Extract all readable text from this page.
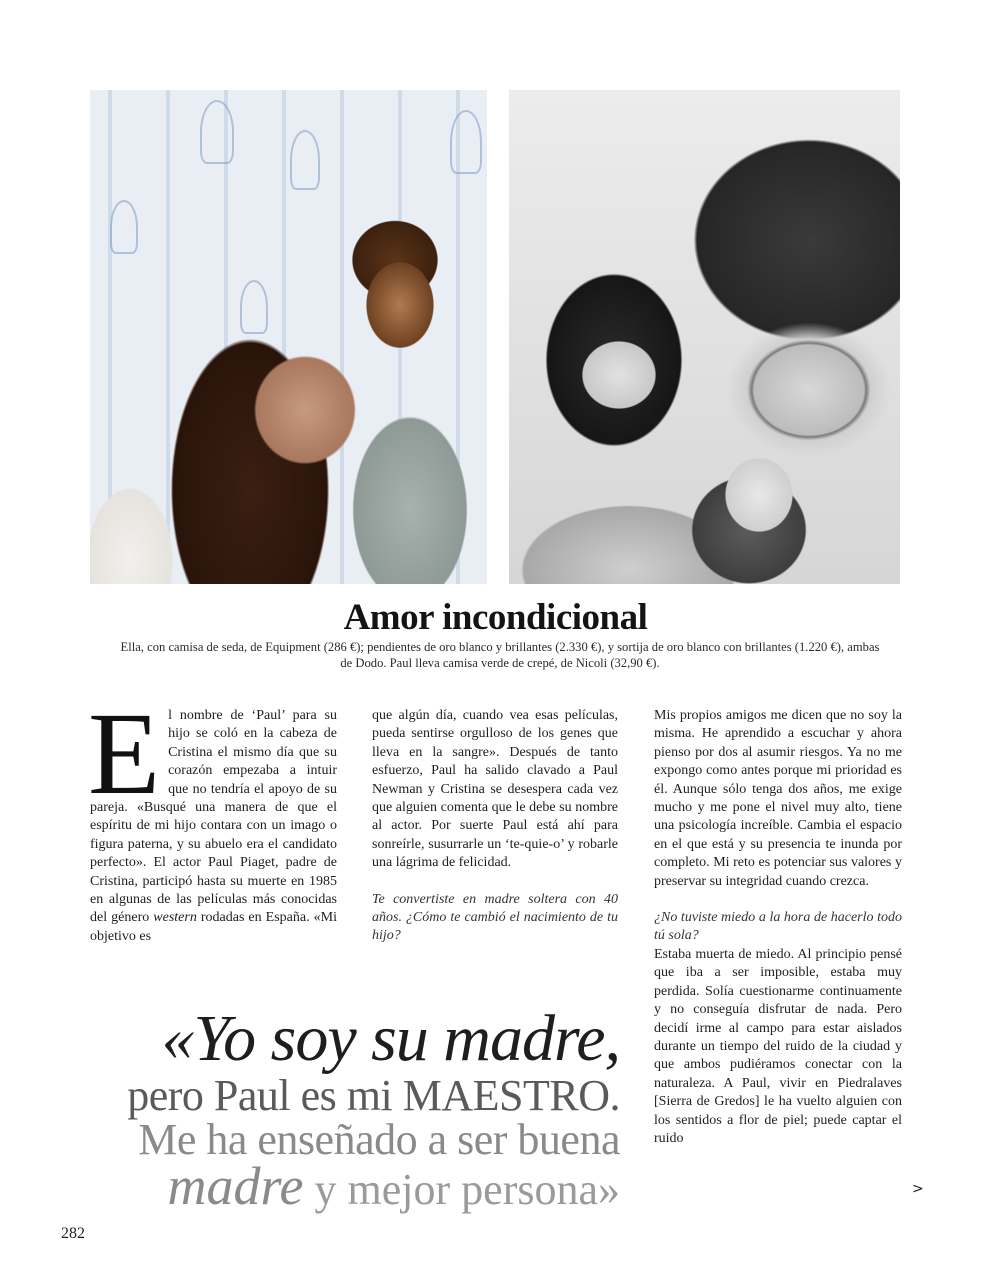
Amor incondicional

Ella, con camisa de seda, de Equipment (286 €); pendientes de oro blanco y brillantes (2.330 €), y sortija de oro blanco con brillantes (1.220 €), ambas de Dodo. Paul lleva camisa verde de crepé, de Nicoli (32,90 €).

El nombre de ‘Paul’ para su hijo se coló en la cabeza de Cristina el mismo día que su corazón empezaba a intuir que no tendría el apoyo de su pareja. «Busqué una manera de que el espíritu de mi hijo contara con un imago o figura paterna, y su abuelo era el candidato perfecto». El actor Paul Piaget, padre de Cristina, participó hasta su muerte en 1985 en algunas de las películas más conocidas del género western rodadas en España. «Mi objetivo es

que algún día, cuando vea esas películas, pueda sentirse orgulloso de los genes que lleva en la sangre». Después de tanto esfuerzo, Paul ha salido clavado a Paul Newman y Cristina se desespera cada vez que alguien comenta que le debe su nombre al actor. Por suerte Paul está ahí para sonreírle, susurrarle un ‘te-quie-o’ y robarle una lágrima de felicidad.

Te convertiste en madre soltera con 40 años. ¿Cómo te cambió el nacimiento de tu hijo?

Mis propios amigos me dicen que no soy la misma. He aprendido a escuchar y ahora pienso por dos al asumir riesgos. Ya no me expongo como antes porque mi prioridad es él. Aunque sólo tenga dos años, me exige mucho y me pone el nivel muy alto, tiene una psicología increíble. Cambia el espacio en el que está y su presencia te inunda por completo. Mi reto es potenciar sus valores y preservar su integridad cuando crezca.

¿No tuviste miedo a la hora de hacerlo todo tú sola?

Estaba muerta de miedo. Al principio pensé que iba a ser imposible, estaba muy perdida. Solía cuestionarme continuamente y no conseguía disfrutar de nada. Pero decidí irme al campo para estar aislados durante un tiempo del ruido de la ciudad y que ambos pudiéramos conectar con la naturaleza. A Paul, vivir en Piedralaves [Sierra de Gredos] le ha vuelto alguien con los sentidos a flor de piel; puede captar el ruido

«Yo soy su madre,
pero Paul es mi MAESTRO.
Me ha enseñado a ser buena
madre y mejor persona»	>
282
